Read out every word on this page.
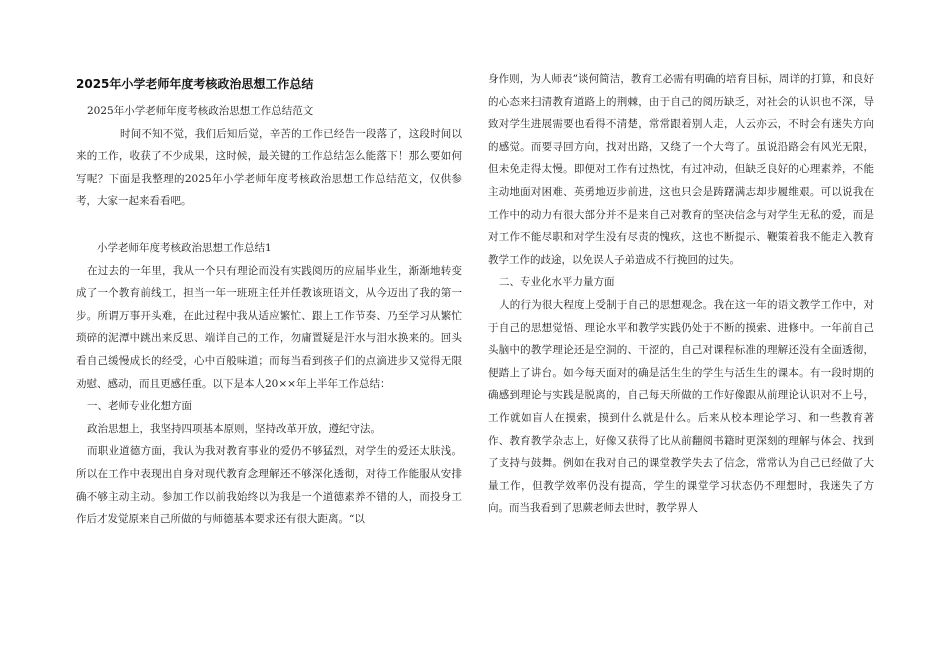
2025年小学老师年度考核政治思想工作总结

2025年小学老师年度考核政治思想工作总结范文

时间不知不觉，我们后知后觉，辛苦的工作已经告一段落了，这段时间以来的工作，收获了不少成果，这时候，最关键的工作总结怎么能落下！那么要如何写呢？下面是我整理的2025年小学老师年度考核政治思想工作总结范文，仅供参考，大家一起来看看吧。

小学老师年度考核政治思想工作总结1

在过去的一年里，我从一个只有理论而没有实践阅历的应届毕业生，渐渐地转变成了一个教育前线工，担当一年一班班主任并任教该班语文，从今迈出了我的第一步。所谓万事开头难，在此过程中我从适应繁忙、跟上工作节奏、乃至学习从繁忙琐碎的泥潭中跳出来反思、端详自己的工作，勿庸置疑是汗水与泪水换来的。回头看自己缓慢成长的经受，心中百般味道；而每当看到孩子们的点滴进步又觉得无限劝慰、感动，而且更感任重。以下是本人20××年上半年工作总结：

一、老师专业化想方面

政治思想上，我坚持四项基本原则，坚持改革开放，遵纪守法。

而职业道德方面，我认为我对教育事业的爱仍不够猛烈，对学生的爱还太肤浅。所以在工作中表现出自身对现代教育念理解还不够深化透彻，对待工作能服从安排确不够主动主动。参加工作以前我始终以为我是一个道德素养不错的人，而投身工作后才发觉原来自己所做的与师德基本要求还有很大距离。“以

身作则，为人师表”谈何简洁，教育工必需有明确的培育目标，周详的打算，和良好的心态来扫清教育道路上的荆棘，由于自己的阅历缺乏，对社会的认识也不深，导致对学生进展需要也看得不清楚，常常跟着别人走，人云亦云，不时会有迷失方向的感觉。而要寻回方向，找对出路，又绕了一个大弯了。虽说沿路会有风光无限，但未免走得太慢。即便对工作有过热忱，有过冲动，但缺乏良好的心理素养，不能主动地面对困难、英勇地迈步前进，这也只会是踌躇满志却步履维艰。可以说我在工作中的动力有很大部分并不是来自己对教育的坚决信念与对学生无私的爱，而是对工作不能尽职和对学生没有尽责的愧疚，这也不断提示、鞭策着我不能走入教育教学工作的歧途，以免误人子弟造成不行挽回的过失。

二、专业化水平力量方面

人的行为很大程度上受制于自己的思想观念。我在这一年的语文教学工作中，对于自己的思想觉悟、理论水平和教学实践仍处于不断的摸索、进修中。一年前自己头脑中的教学理论还是空洞的、干涩的，自己对课程标准的理解还没有全面透彻，便踏上了讲台。如今每天面对的确是活生生的学生与活生生的课本。有一段时期的确感到理论与实践是脱离的，自己每天所做的工作好像跟从前理论认识对不上号，工作就如盲人在摸索，摸到什么就是什么。后来从校本理论学习、和一些教育著作、教育教学杂志上，好像又获得了比从前翻阅书籍时更深刻的理解与体会、找到了支持与鼓舞。例如在我对自己的课堂教学失去了信念，常常认为自己已经做了大量工作，但教学效率仍没有提高，学生的课堂学习状态仍不理想时，我迷失了方向。而当我看到了思蕨老师去世时，教学界人
